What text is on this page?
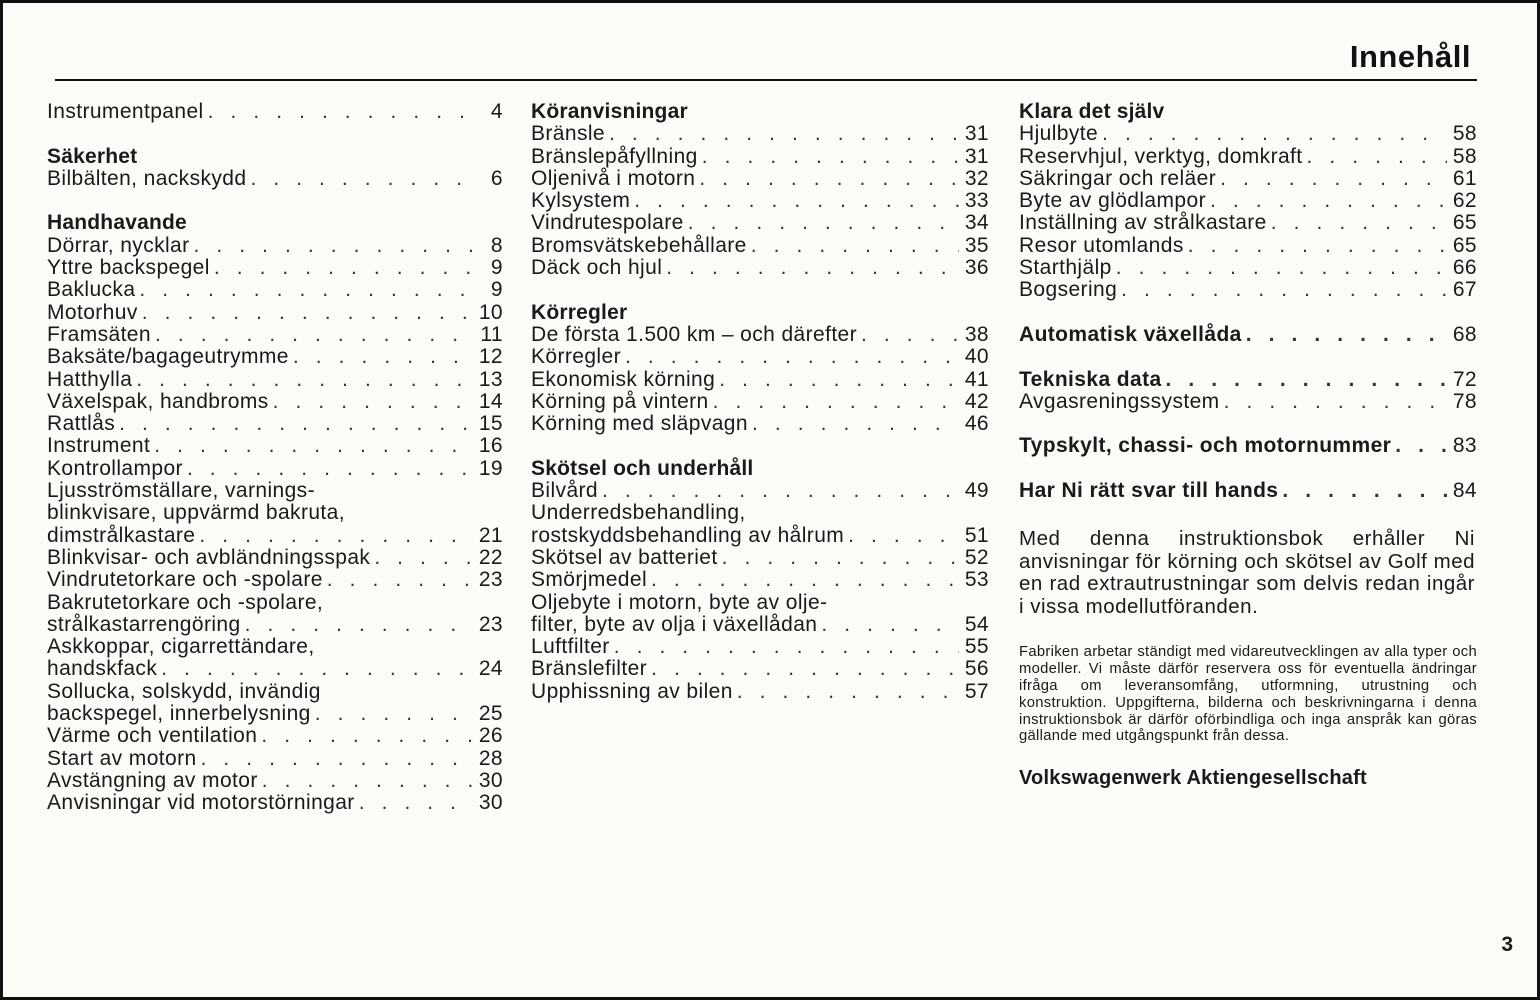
Innehåll
Instrumentpanel . . .	4
Säkerhet
Bilbälten, nackskydd . . .	6
Handhavande
Dörrar, nycklar . . .	8
Yttre backspegel . . .	9
Baklucka . . .	9
Motorhuv . . .	10
Framsäten . . .	11
Baksäte/bagageutrymme . . .	12
Hatthylla . . .	13
Växelspak, handbroms . . .	14
Rattlås . . .	15
Instrument . . .	16
Kontrollampor . . .	19
Ljusströmställare, varnings-
blinkvisare, uppvärmd bakruta,
dimstrålkastare . . .	21
Blinkvisar- och avbländningsspak . . .	22
Vindrutetorkare och -spolare . . .	23
Bakrutetorkare och -spolare,
strålkastarrengöring . . .	23
Askkoppar, cigarrettändare,
handskfack . . .	24
Sollucka, solskydd, invändig
backspegel, innerbelysning . . .	25
Värme och ventilation . . .	26
Start av motorn . . .	28
Avstängning av motor . . .	30
Anvisningar vid motorstörningar . . .	30
Köranvisningar
Bränsle . . .	31
Bränslepåfyllning . . .	31
Oljenivå i motorn . . .	32
Kylsystem . . .	33
Vindrutespolare . . .	34
Bromsvätskebehållare . . .	35
Däck och hjul . . .	36
Körregler
De första 1.500 km – och därefter . . .	38
Körregler . . .	40
Ekonomisk körning . . .	41
Körning på vintern . . .	42
Körning med släpvagn . . .	46
Skötsel och underhåll
Bilvård . . .	49
Underredsbehandling,
rostskyddsbehandling av hålrum . . .	51
Skötsel av batteriet . . .	52
Smörjmedel . . .	53
Oljebyte i motorn, byte av olje-
filter, byte av olja i växellådan . . .	54
Luftfilter . . .	55
Bränslefilter . . .	56
Upphissning av bilen . . .	57
Klara det själv
Hjulbyte . . .	58
Reservhjul, verktyg, domkraft . . .	58
Säkringar och reläer . . .	61
Byte av glödlampor . . .	62
Inställning av strålkastare . . .	65
Resor utomlands . . .	65
Starthjälp . . .	66
Bogsering . . .	67
Automatisk växellåda . . .	68
Tekniska data . . .	72
Avgasreningssystem . . .	78
Typskylt, chassi- och motornummer . . .	83
Har Ni rätt svar till hands . . .	84
Med denna instruktionsbok erhåller Ni anvisningar för körning och skötsel av Golf med en rad extrautrustningar som delvis redan ingår i vissa modellutföranden.
Fabriken arbetar ständigt med vidareutvecklingen av alla typer och modeller. Vi måste därför reservera oss för eventuella ändringar ifråga om leveransomfång, utformning, utrustning och konstruktion. Uppgifterna, bilderna och beskrivningarna i denna instruktionsbok är därför oförbindliga och inga anspråk kan göras gällande med utgångspunkt från dessa.
Volkswagenwerk Aktiengesellschaft
3
